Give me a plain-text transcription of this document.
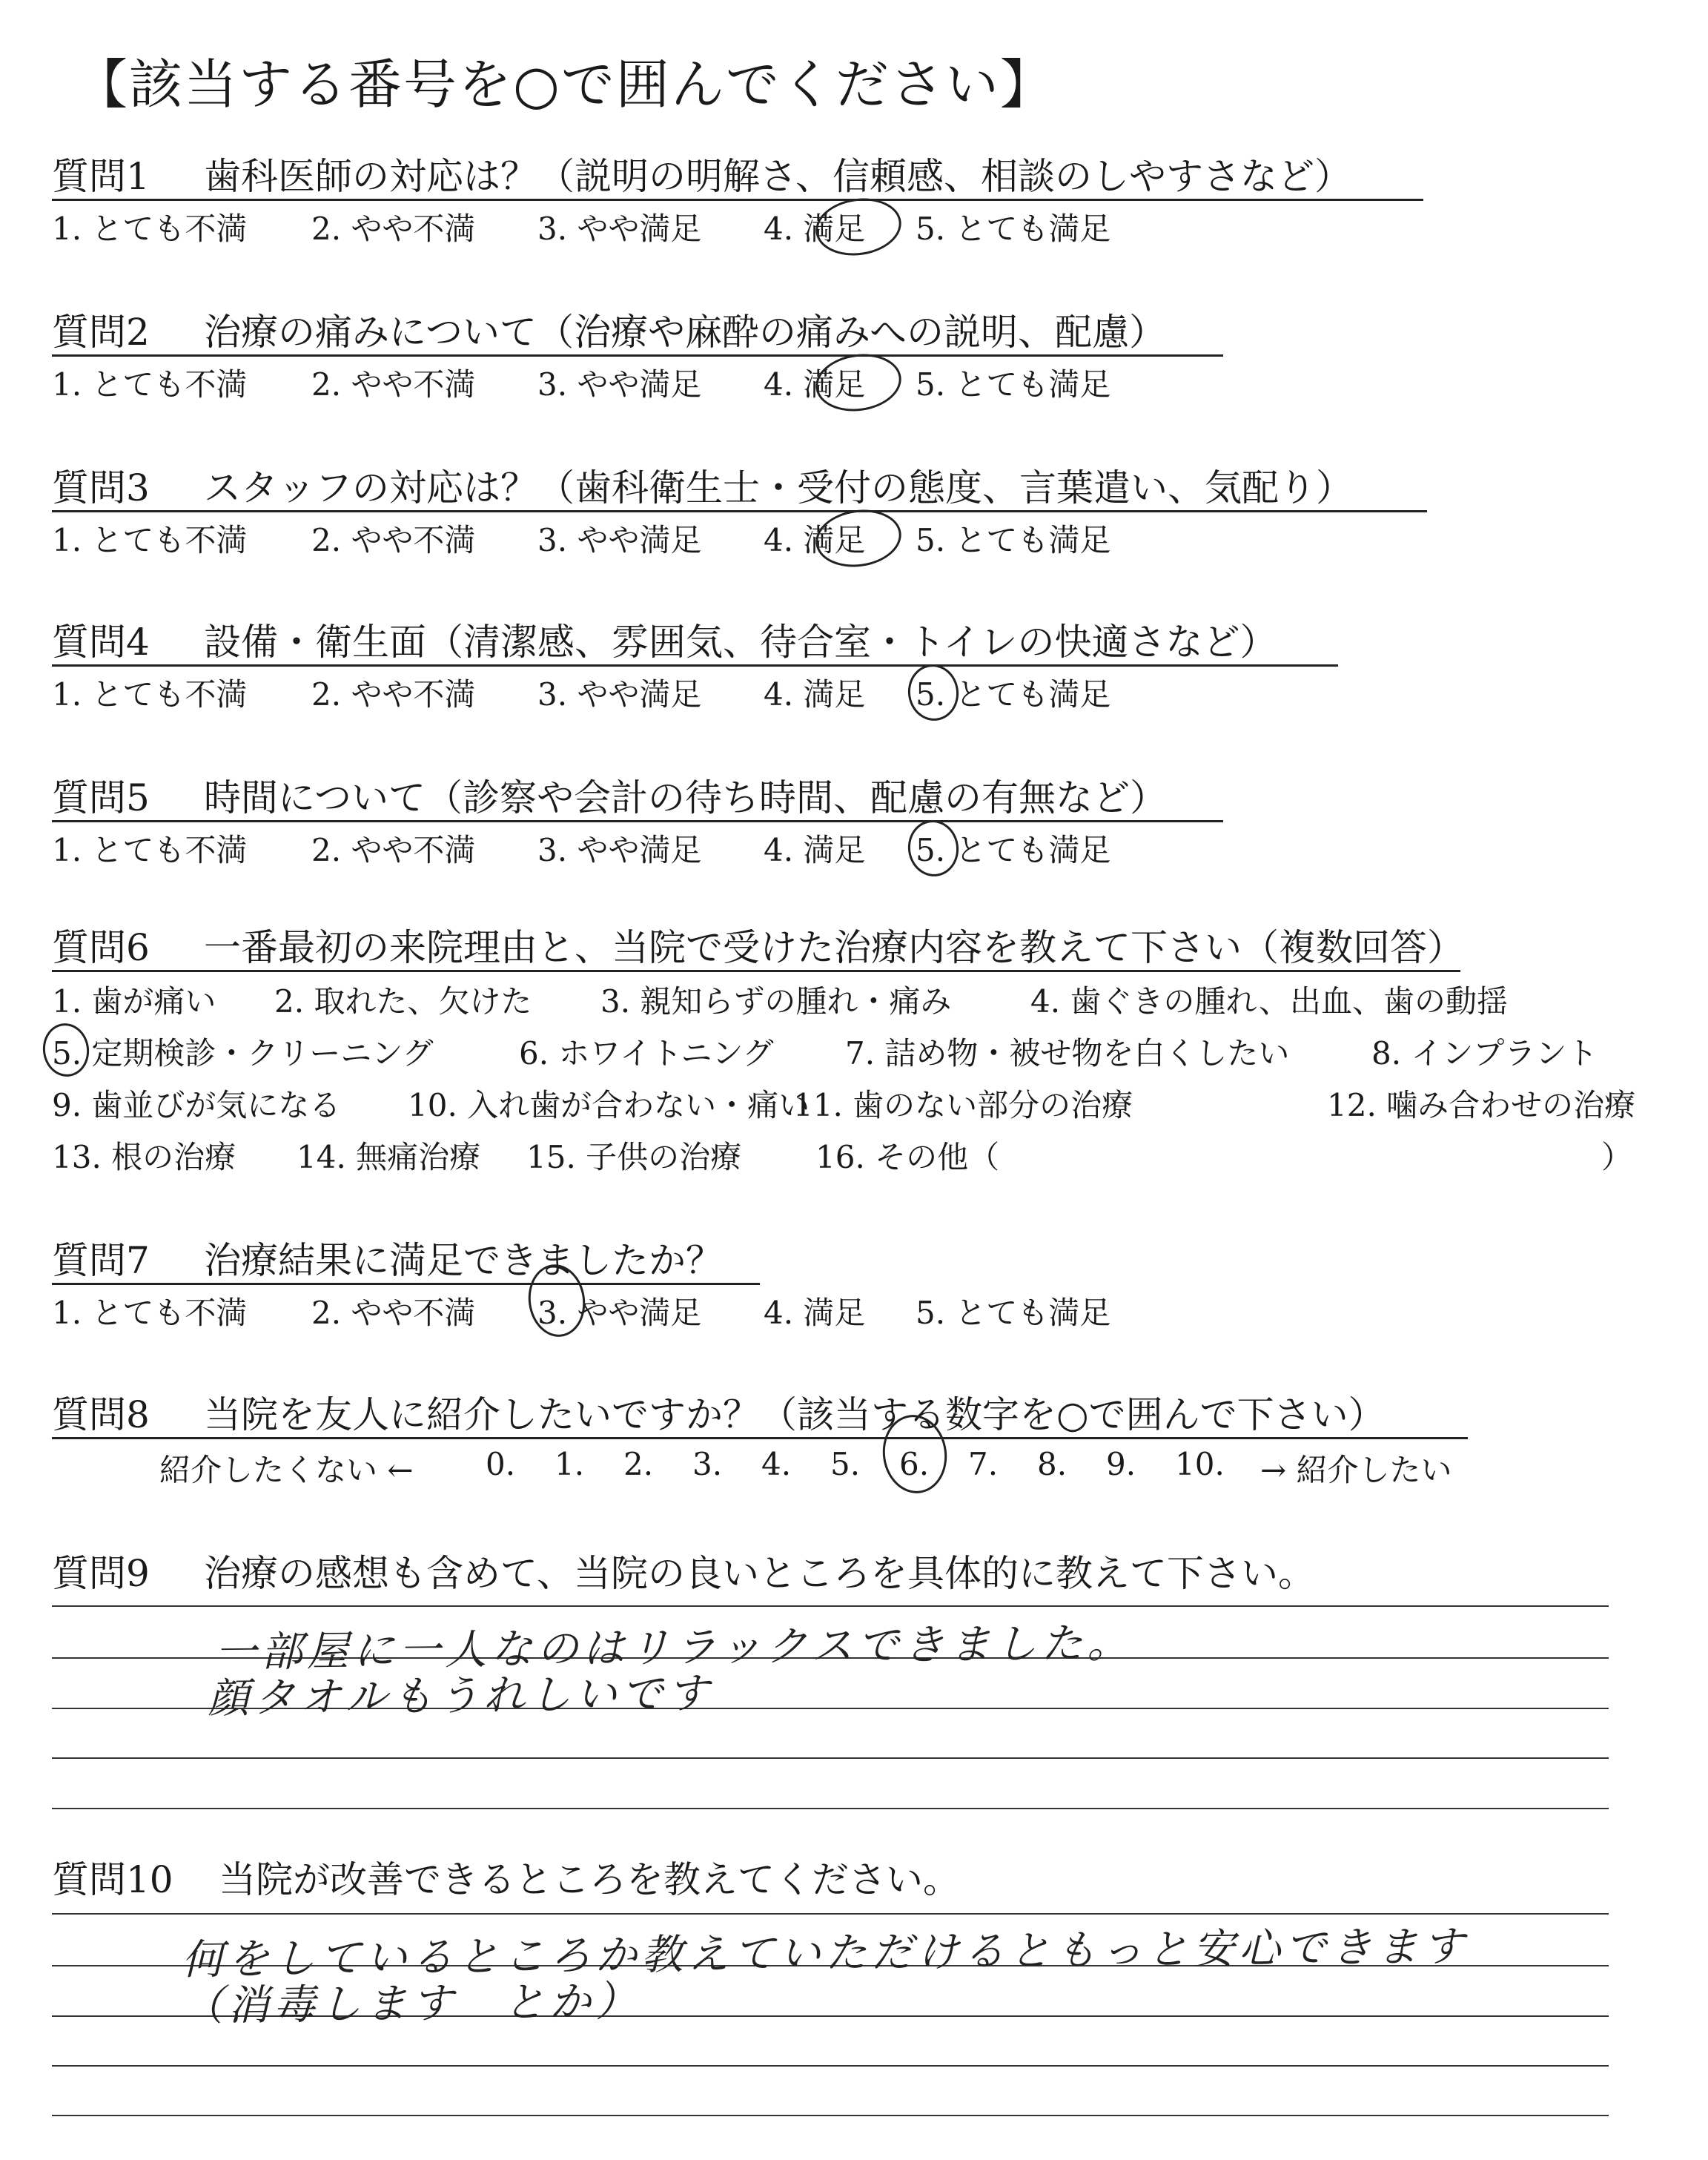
【該当する番号を○で囲んでください】
質問1 歯科医師の対応は？（説明の明解さ、信頼感、相談のしやすさなど）
1. とても不満 2. やや不満 3. やや満足 4. 満足 5. とても満足
質問2 治療の痛みについて（治療や麻酔の痛みへの説明、配慮）
1. とても不満 2. やや不満 3. やや満足 4. 満足 5. とても満足
質問3 スタッフの対応は？（歯科衛生士・受付の態度、言葉遣い、気配り）
1. とても不満 2. やや不満 3. やや満足 4. 満足 5. とても満足
質問4 設備・衛生面（清潔感、雰囲気、待合室・トイレの快適さなど）
1. とても不満 2. やや不満 3. やや満足 4. 満足 5. とても満足
質問5 時間について（診察や会計の待ち時間、配慮の有無など）
1. とても不満 2. やや不満 3. やや満足 4. 満足 5. とても満足
質問6 一番最初の来院理由と、当院で受けた治療内容を教えて下さい（複数回答）
1. 歯が痛い 2. 取れた、欠けた 3. 親知らずの腫れ・痛み	4. 歯ぐきの腫れ、出血、歯の動揺
5. 定期検診・クリーニング	6. ホワイトニング 7. 詰め物・被せ物を白くしたい	8. インプラント
9. 歯並びが気になる 10. 入れ歯が合わない・痛い
11. 歯のない部分の治療	12. 噛み合わせの治療
13. 根の治療 14. 無痛治療 15. 子供の治療 16. その他（	）
質問7 治療結果に満足できましたか？
1. とても不満 2. やや不満 3. やや満足 4. 満足 5. とても満足
質問8 当院を友人に紹介したいですか？（該当する数字を○で囲んで下さい）
紹介したくない ← 0. 1. 2. 3. 4. 5. 6. 7. 8. 9. 10. → 紹介したい
質問9 治療の感想も含めて、当院の良いところを具体的に教えて下さい。
一部屋に一人なのはリラックスできました。
顔タオルもうれしいです
質問10 当院が改善できるところを教えてください。
何をしているところか教えていただけるともっと安心できます
（消毒します　とか）
